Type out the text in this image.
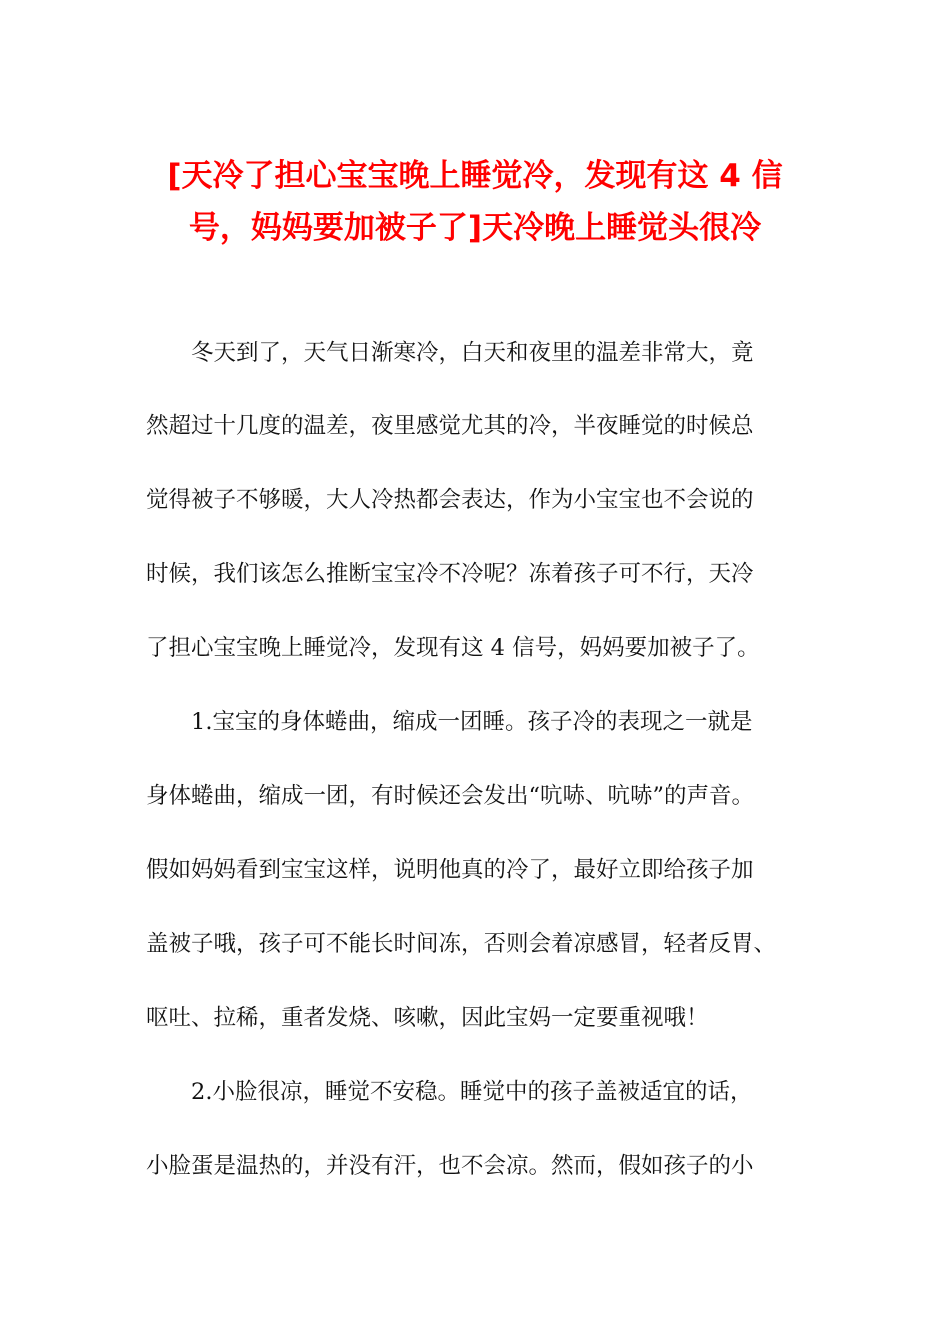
[天冷了担心宝宝晚上睡觉冷，发现有这 4 信
号，妈妈要加被子了]天冷晚上睡觉头很冷

冬天到了，天气日渐寒冷，白天和夜里的温差非常大，竟

然超过十几度的温差，夜里感觉尤其的冷，半夜睡觉的时候总

觉得被子不够暖，大人冷热都会表达，作为小宝宝也不会说的

时候，我们该怎么推断宝宝冷不冷呢？冻着孩子可不行，天冷

了担心宝宝晚上睡觉冷，发现有这 4 信号，妈妈要加被子了。

1.宝宝的身体蜷曲，缩成一团睡。孩子冷的表现之一就是

身体蜷曲，缩成一团，有时候还会发出“吭哧、吭哧”的声音。

假如妈妈看到宝宝这样，说明他真的冷了，最好立即给孩子加

盖被子哦，孩子可不能长时间冻，否则会着凉感冒，轻者反胃、

呕吐、拉稀，重者发烧、咳嗽，因此宝妈一定要重视哦！

2.小脸很凉，睡觉不安稳。睡觉中的孩子盖被适宜的话，

小脸蛋是温热的，并没有汗，也不会凉。然而，假如孩子的小
